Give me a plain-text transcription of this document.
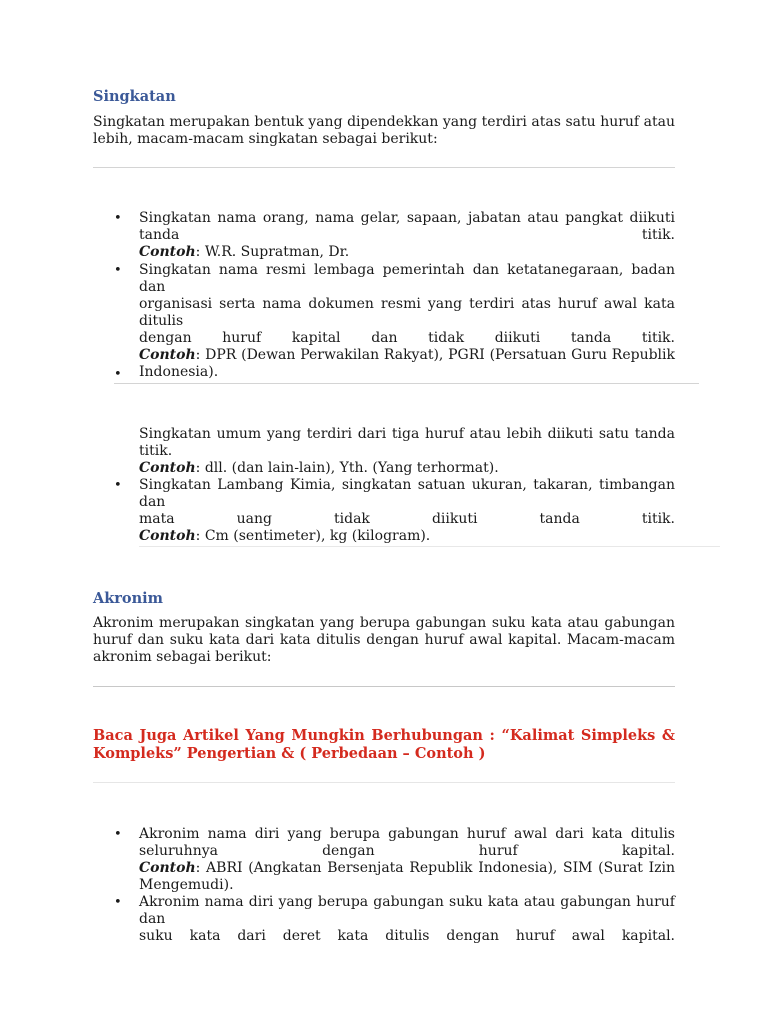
Singkatan
Singkatan merupakan bentuk yang dipendekkan yang terdiri atas satu huruf atau lebih, macam-macam singkatan sebagai berikut:
• Singkatan nama orang, nama gelar, sapaan, jabatan atau pangkat diikuti
tanda	titik.
Contoh: W.R. Supratman, Dr.
• Singkatan nama resmi lembaga pemerintah dan ketatanegaraan, badan dan
organisasi serta nama dokumen resmi yang terdiri atas huruf awal kata ditulis
dengan huruf kapital dan tidak diikuti tanda titik.
Contoh: DPR (Dewan Perwakilan Rakyat), PGRI (Persatuan Guru Republik Indonesia).
•
Singkatan umum yang terdiri dari tiga huruf atau lebih diikuti satu tanda titik.
Contoh: dll. (dan lain-lain), Yth. (Yang terhormat).
• Singkatan Lambang Kimia, singkatan satuan ukuran, takaran, timbangan dan
mata uang tidak diikuti tanda titik.
Contoh: Cm (sentimeter), kg (kilogram).
Akronim
Akronim merupakan singkatan yang berupa gabungan suku kata atau gabungan huruf dan suku kata dari kata ditulis dengan huruf awal kapital. Macam-macam akronim sebagai berikut:
Baca Juga Artikel Yang Mungkin Berhubungan : “Kalimat Simpleks &
Kompleks” Pengertian & ( Perbedaan – Contoh )
• Akronim nama diri yang berupa gabungan huruf awal dari kata ditulis
seluruhnya dengan huruf kapital.
Contoh: ABRI (Angkatan Bersenjata Republik Indonesia), SIM (Surat Izin Mengemudi).
• Akronim nama diri yang berupa gabungan suku kata atau gabungan huruf dan
suku kata dari deret kata ditulis dengan huruf awal kapital.
